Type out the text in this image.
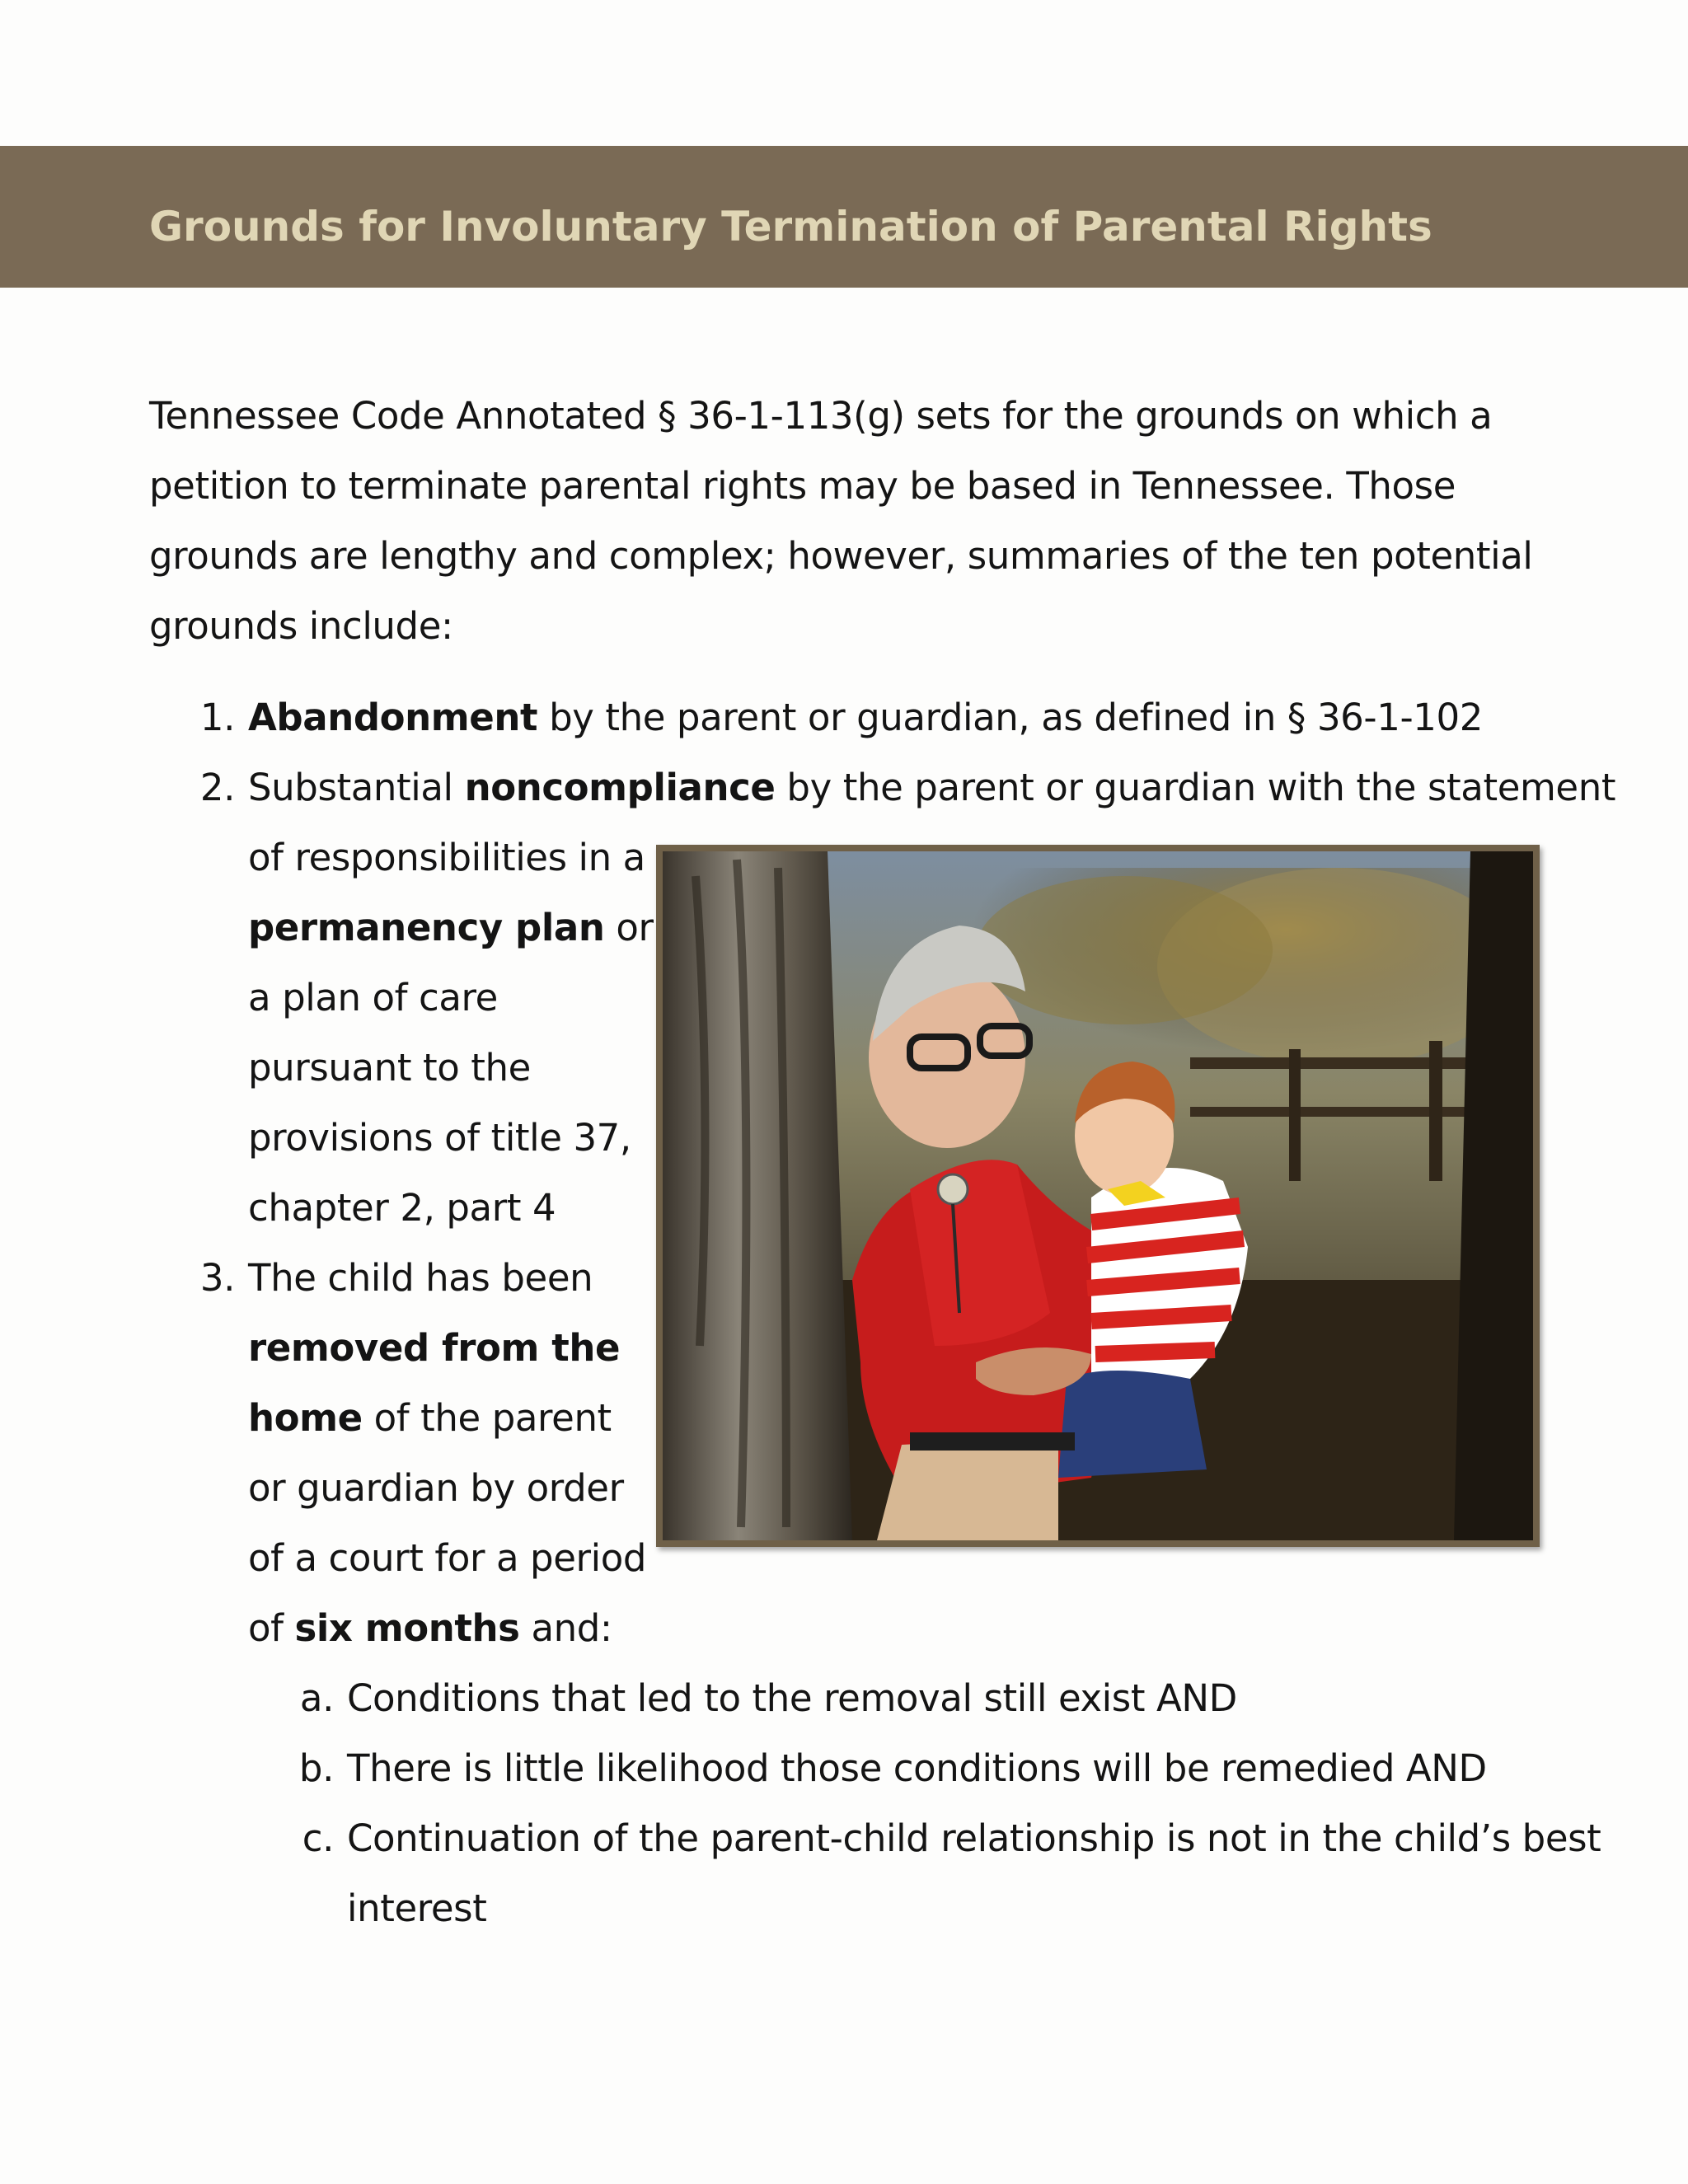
Grounds for Involuntary Termination of Parental Rights

Tennessee Code Annotated § 36-1-113(g) sets for the grounds on which a petition to terminate parental rights may be based in Tennessee. Those grounds are lengthy and complex; however, summaries of the ten potential grounds include:

1. Abandonment by the parent or guardian, as defined in § 36-1-102

2. Substantial noncompliance by the parent or guardian with the statement

of responsibilities in a

permanency plan or

a plan of care

pursuant to the

provisions of title 37,

chapter 2, part 4

3. The child has been

removed from the

home of the parent

or guardian by order

of a court for a period

of six months and:

a. Conditions that led to the removal still exist AND

b. There is little likelihood those conditions will be remedied AND

c. Continuation of the parent-child relationship is not in the child’s best

interest
